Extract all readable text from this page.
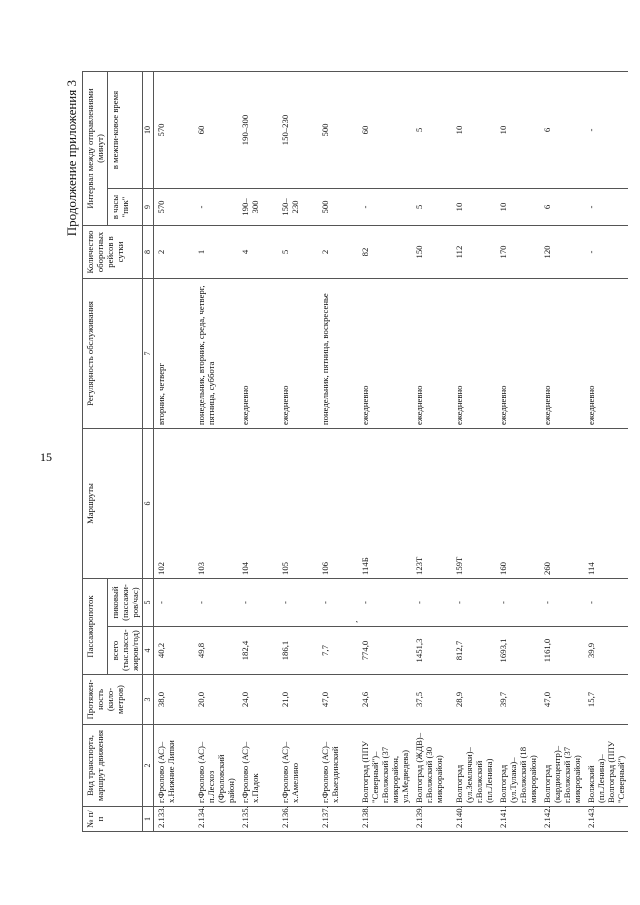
15
Продолжение приложения 3
,
№ п/п	Вид транспорта, маршрут движения	Протяжен-ность (кило-метров)	Пассажиропоток		Маршруты	Регулярность обслуживания	Количество оборотных рейсов в сутки	Интервал между отправлениями (минут)	
			всего (тыс.пасса-жиров/год)	пиковый (пассажи-ров/час)				в часы "пик"	в межпи-ковое время
1	2	3	4	5	6	7	8	9	10
2.133.	г.Фролово (АС)–х.Нижние Липки	38,0	40,2	-	102	вторник, четверг	2	570	570
2.134.	г.Фролово (АС)–п.Лесхоз (Фроловский район)	20,0	49,8	-	103	понедельник, вторник, среда, четверг, пятница, суббота	1	-	60
2.135.	г.Фролово (АС)–х.Падок	24,0	182,4	-	104	ежедневно	4	190–300	190–300
2.136.	г.Фролово (АС)–х.Амелино	21,0	186,1	-	105	ежедневно	5	150–230	150–230
2.137.	г.Фролово (АС)–х.Выездинский	47,0	7,7	-	106	понедельник, пятница, воскресенье	2	500	500
2.138.	Волгоград (ППУ "Северный")–г.Волжский (37 микрорайон, ул.Медведева)	24,6	774,0	-	114Б	ежедневно	82	-	60
2.139.	Волгоград (ЖДВ)–г.Волжский (30 микрорайон)	37,5	1451,3	-	123Т	ежедневно	150	5	5
2.140.	Волгоград (ул.Землячки)–г.Волжский (пл.Ленина)	28,9	812,7	-	159Т	ежедневно	112	10	10
2.141.	Волгоград (ул.Тулака)–г.Волжский (18 микрорайон)	39,7	1693,1	-	160	ежедневно	170	10	10
2.142.	Волгоград (кардиоцентр)–г.Волжский (37 микрорайон)	47,0	1161,0	-	260	ежедневно	120	6	6
2.143.	Волжский (пл.Ленина)–Волгоград (ППУ "Северный")	15,7	39,9	-	114	ежедневно	-	-	-
